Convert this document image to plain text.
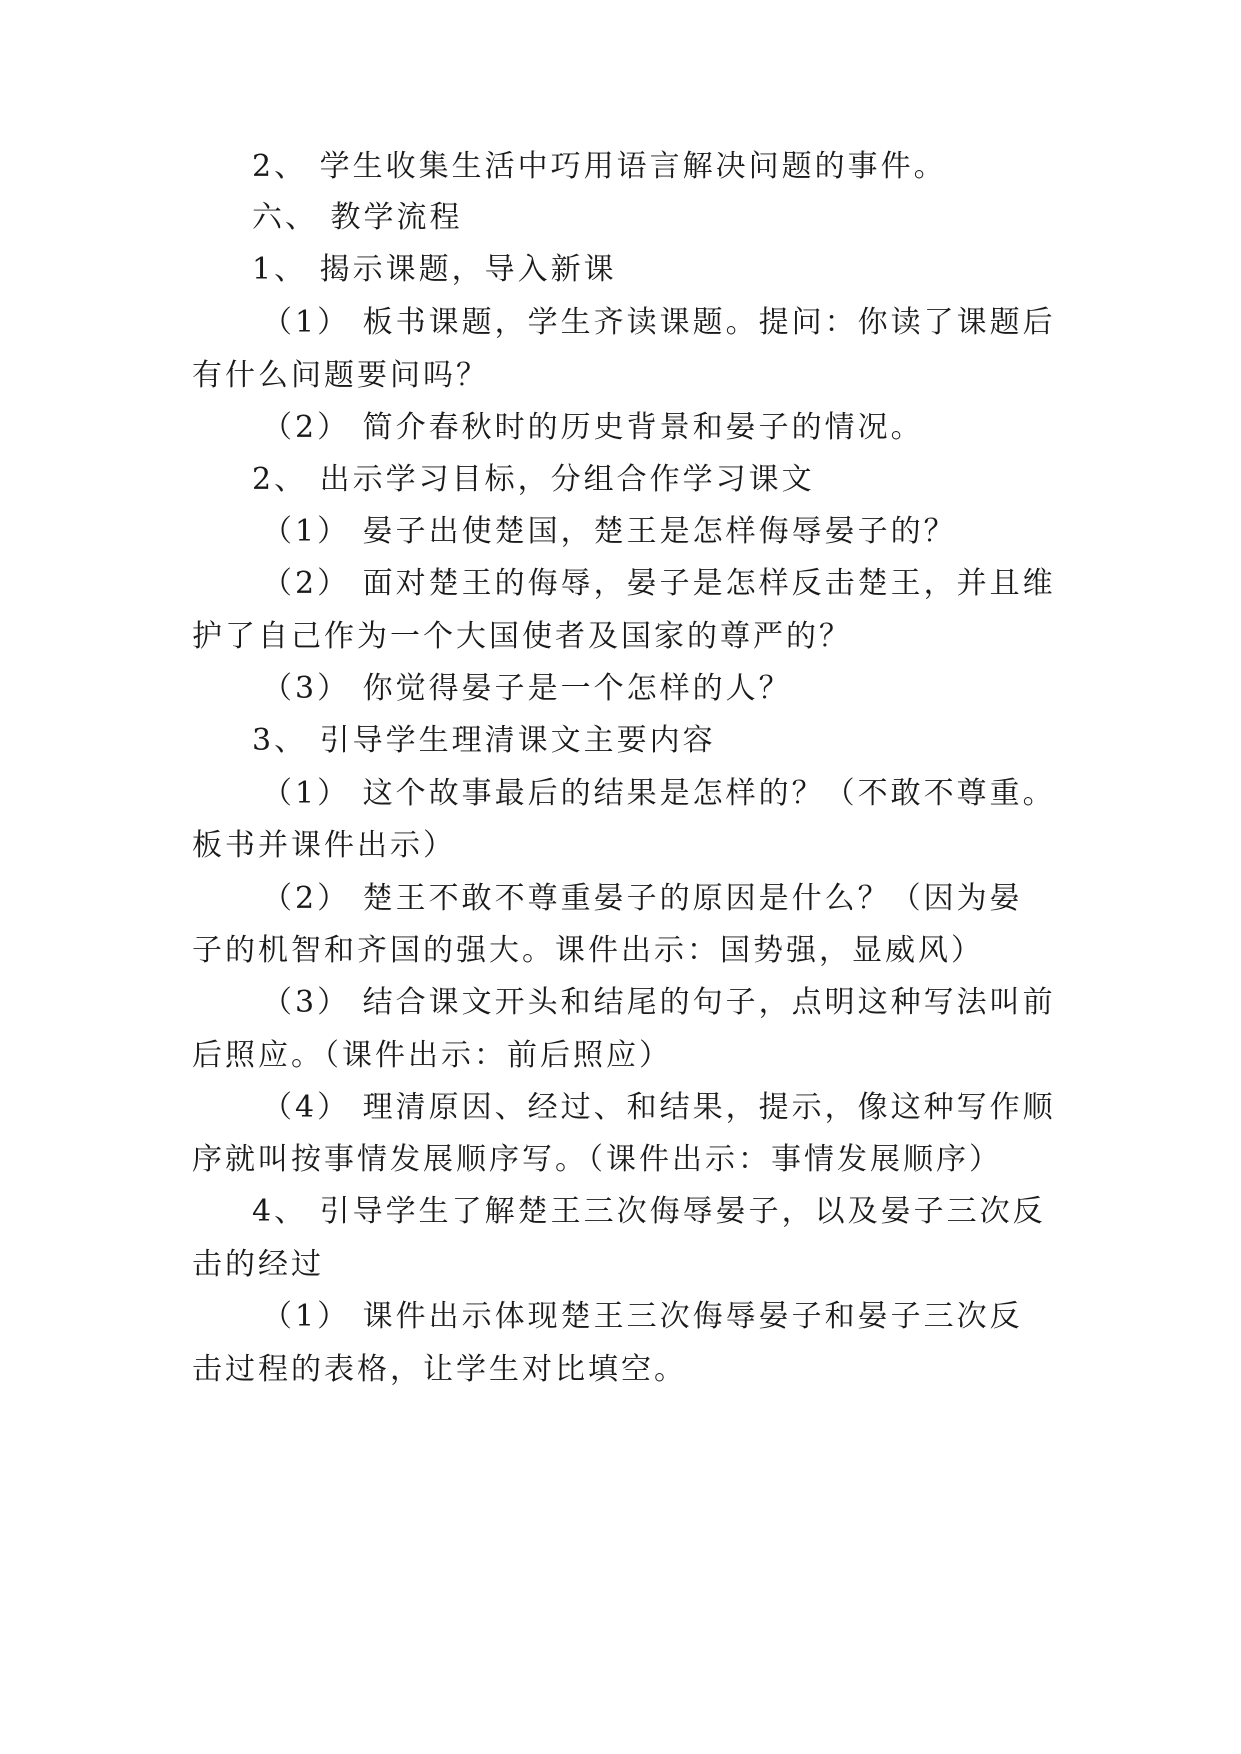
2、 学生收集生活中巧用语言解决问题的事件。
六、 教学流程
1、 揭示课题，导入新课
（1） 板书课题，学生齐读课题。提问：你读了课题后
有什么问题要问吗？
（2） 简介春秋时的历史背景和晏子的情况。
2、 出示学习目标，分组合作学习课文
（1） 晏子出使楚国，楚王是怎样侮辱晏子的？
（2） 面对楚王的侮辱，晏子是怎样反击楚王，并且维
护了自己作为一个大国使者及国家的尊严的？
（3） 你觉得晏子是一个怎样的人？
3、 引导学生理清课文主要内容
（1） 这个故事最后的结果是怎样的？（不敢不尊重。
板书并课件出示）
（2） 楚王不敢不尊重晏子的原因是什么？（因为晏
子的机智和齐国的强大。课件出示：国势强，显威风）
（3） 结合课文开头和结尾的句子，点明这种写法叫前
后照应。（课件出示：前后照应）
（4） 理清原因、经过、和结果，提示，像这种写作顺
序就叫按事情发展顺序写。（课件出示：事情发展顺序）
4、 引导学生了解楚王三次侮辱晏子，以及晏子三次反
击的经过
（1） 课件出示体现楚王三次侮辱晏子和晏子三次反
击过程的表格，让学生对比填空。
